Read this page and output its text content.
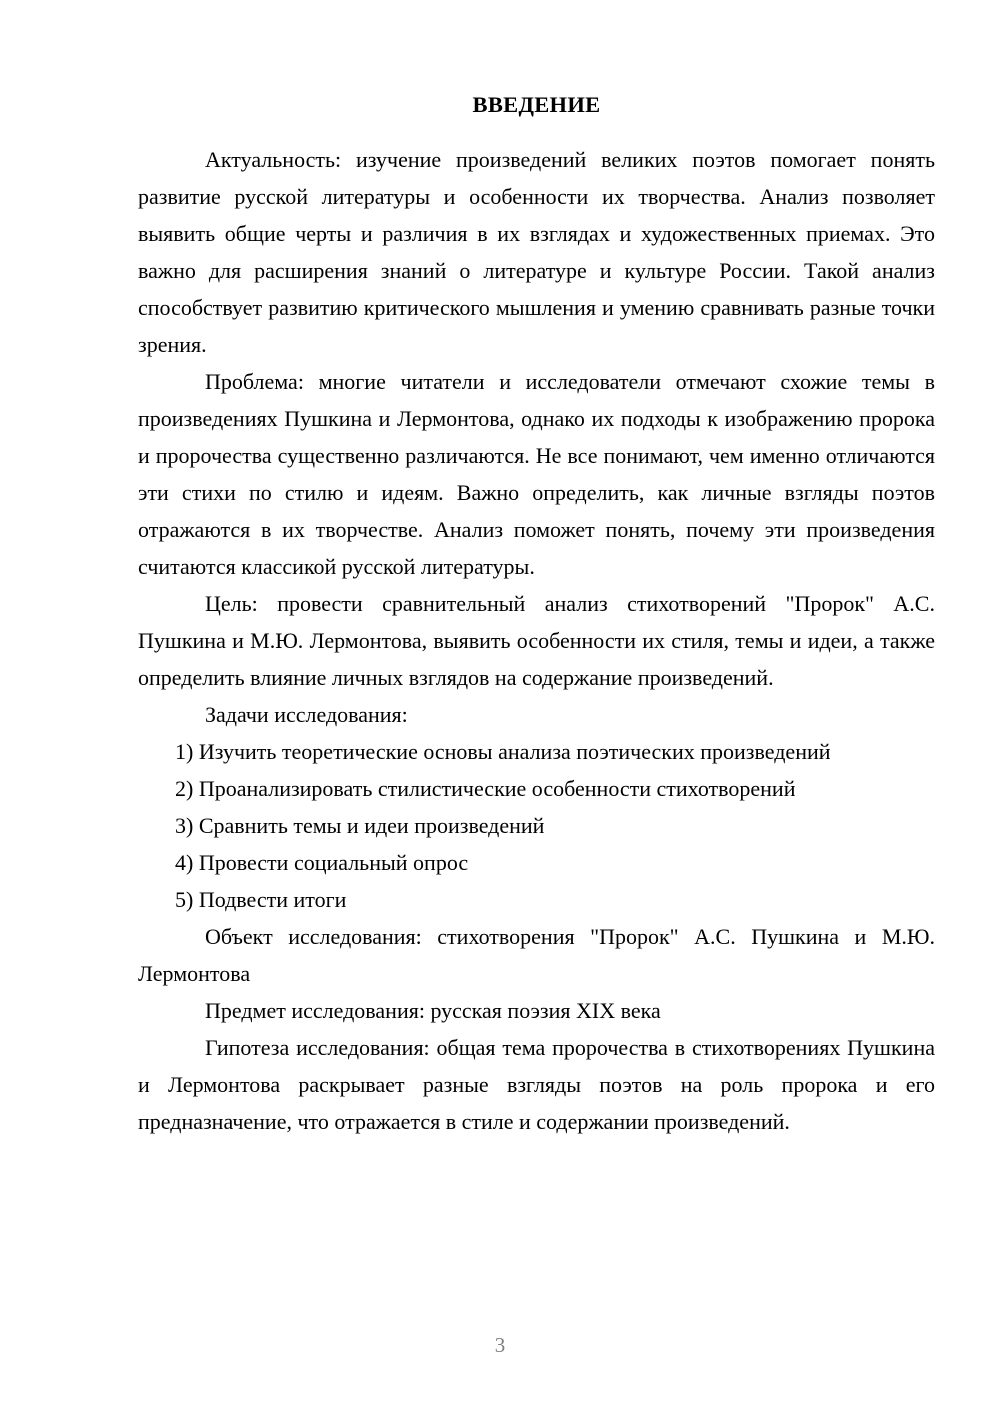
ВВЕДЕНИЕ

Актуальность: изучение произведений великих поэтов помогает понять развитие русской литературы и особенности их творчества. Анализ позволяет выявить общие черты и различия в их взглядах и художественных приемах. Это важно для расширения знаний о литературе и культуре России. Такой анализ способствует развитию критического мышления и умению сравнивать разные точки зрения.

Проблема: многие читатели и исследователи отмечают схожие темы в произведениях Пушкина и Лермонтова, однако их подходы к изображению пророка и пророчества существенно различаются. Не все понимают, чем именно отличаются эти стихи по стилю и идеям. Важно определить, как личные взгляды поэтов отражаются в их творчестве. Анализ поможет понять, почему эти произведения считаются классикой русской литературы.

Цель: провести сравнительный анализ стихотворений "Пророк" А.С. Пушкина и М.Ю. Лермонтова, выявить особенности их стиля, темы и идеи, а также определить влияние личных взглядов на содержание произведений.

Задачи исследования:

1) Изучить теоретические основы анализа поэтических произведений
2) Проанализировать стилистические особенности стихотворений
3) Сравнить темы и идеи произведений
4) Провести социальный опрос
5) Подвести итоги

Объект исследования: стихотворения "Пророк" А.С. Пушкина и М.Ю. Лермонтова

Предмет исследования: русская поэзия XIX века

Гипотеза исследования: общая тема пророчества в стихотворениях Пушкина и Лермонтова раскрывает разные взгляды поэтов на роль пророка и его предназначение, что отражается в стиле и содержании произведений.

3
